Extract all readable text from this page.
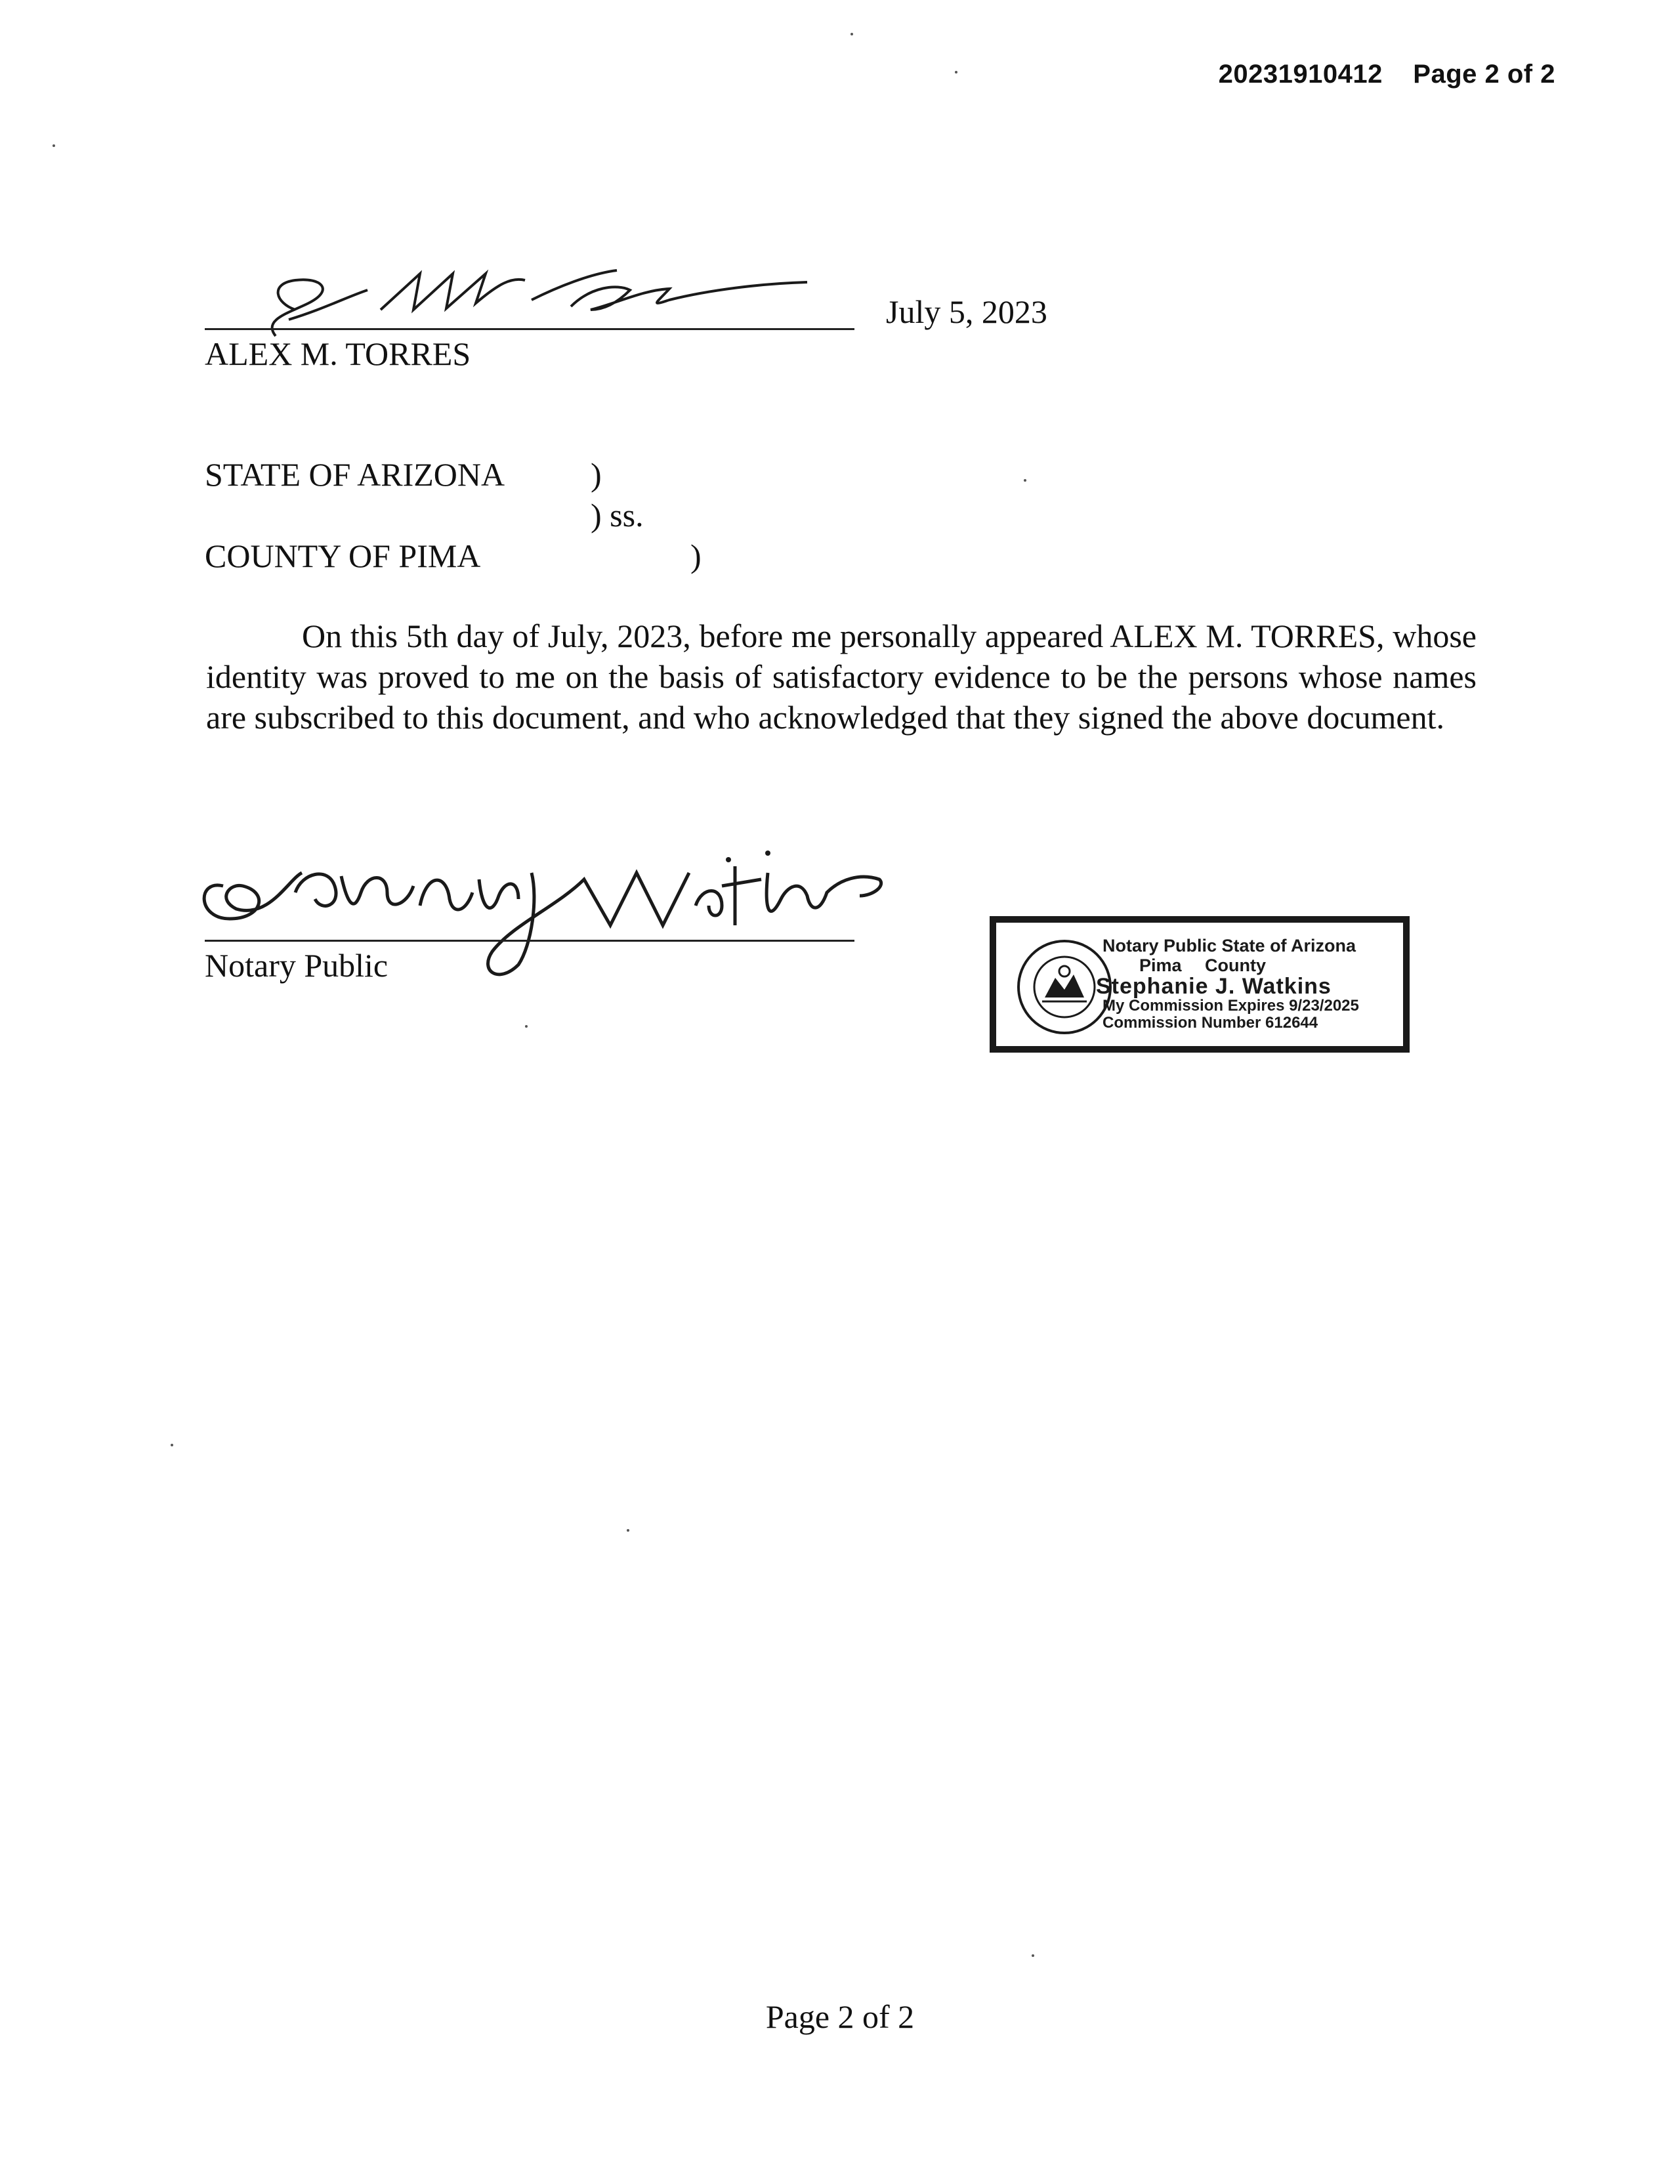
20231910412 Page 2 of 2

ALEX M. TORRES
July 5, 2023
STATE OF ARIZONA	)
) ss.
COUNTY OF PIMA	)

On this 5th day of July, 2023, before me personally appeared ALEX M. TORRES, whose identity was proved to me on the basis of satisfactory evidence to be the persons whose names are subscribed to this document, and who acknowledged that they signed the above document.

Notary Public
Notary Public State of Arizona
Pima County
Stephanie J. Watkins
My Commission Expires 9/23/2025
Commission Number 612644
Page 2 of 2
